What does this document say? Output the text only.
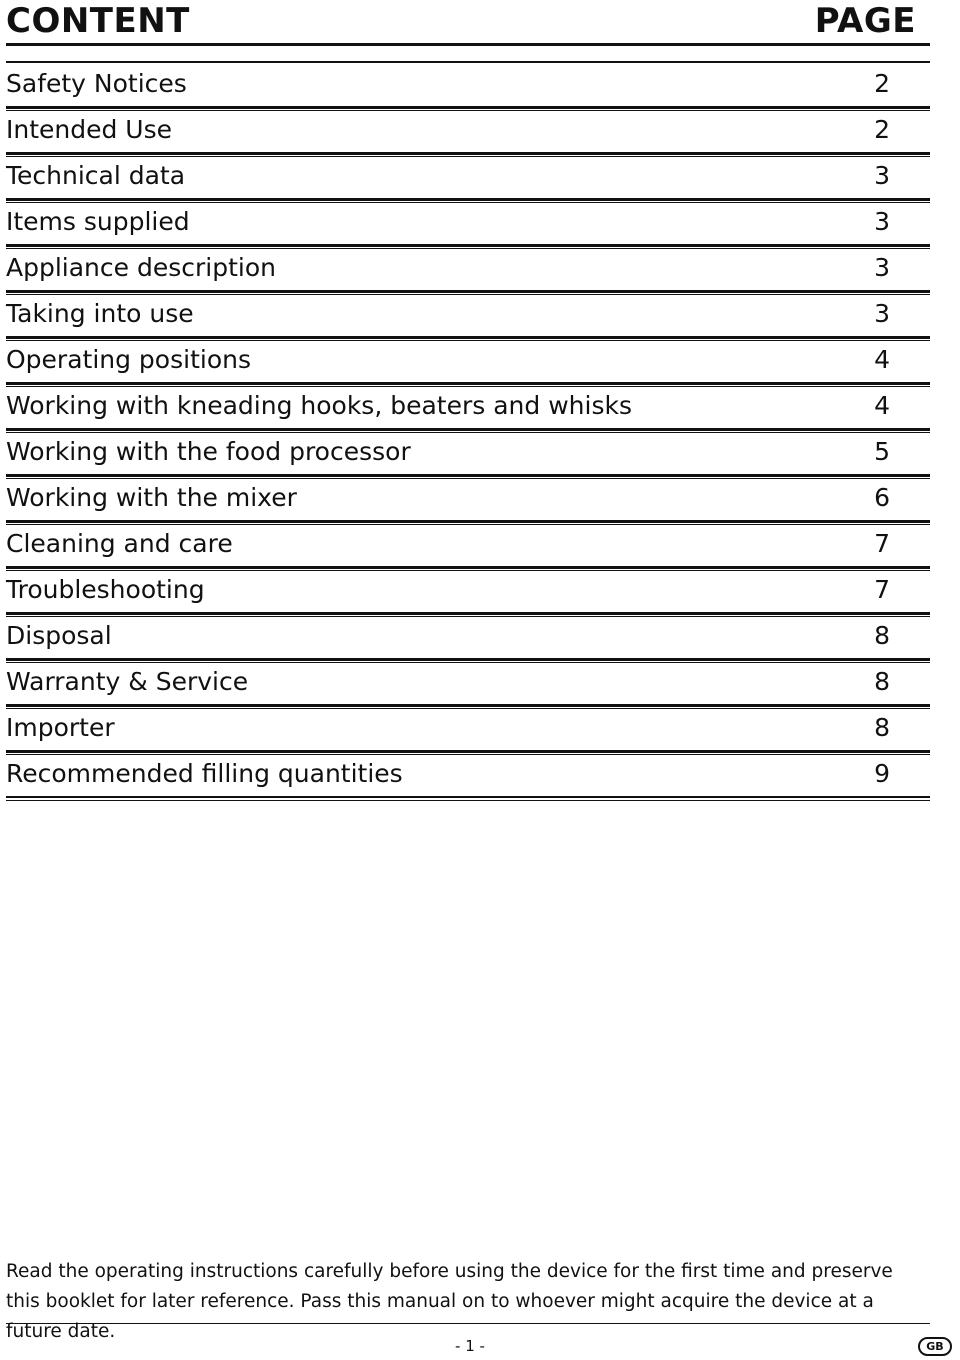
CONTENT	PAGE
Safety Notices	2
Intended Use	2
Technical data	3
Items supplied	3
Appliance description	3
Taking into use	3
Operating positions	4
Working with kneading hooks, beaters and whisks	4
Working with the food processor	5
Working with the mixer	6
Cleaning and care	7
Troubleshooting	7
Disposal	8
Warranty & Service	8
Importer	8
Recommended filling quantities	9

Read the operating instructions carefully before using the device for the first time and preserve this booklet for later reference. Pass this manual on to whoever might acquire the device at a future date.

- 1 -	GB
